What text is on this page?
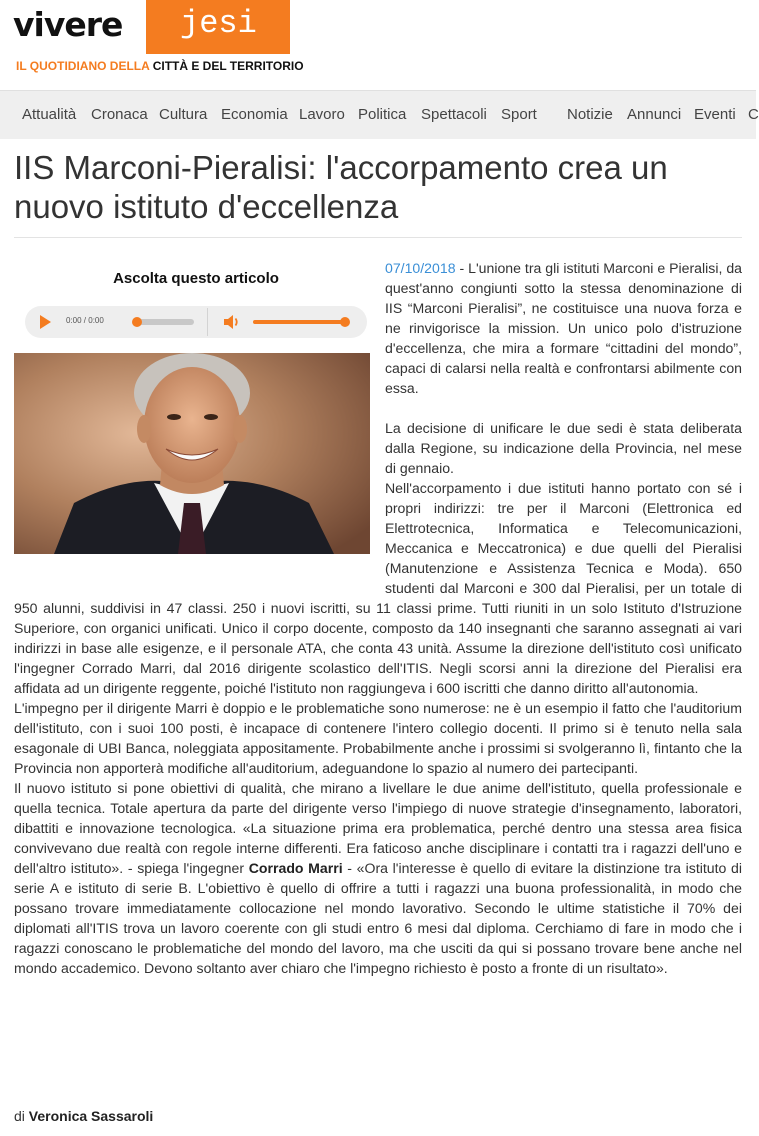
vivere jesi
IL QUOTIDIANO DELLA CITTÀ E DEL TERRITORIO
Attualità Cronaca Cultura Economia Lavoro Politica Spettacoli Sport Notizie Annunci Eventi C
IIS Marconi-Pieralisi: l'accorpamento crea un nuovo istituto d'eccellenza
Ascolta questo articolo
0:00 / 0:00

07/10/2018 - L'unione tra gli istituti Marconi e Pieralisi, da quest'anno congiunti sotto la stessa denominazione di IIS “Marconi Pieralisi”, ne costituisce una nuova forza e ne rinvigorisce la mission. Un unico polo d'istruzione d'eccellenza, che mira a formare “cittadini del mondo”, capaci di calarsi nella realtà e confrontarsi abilmente con essa.

La decisione di unificare le due sedi è stata deliberata dalla Regione, su indicazione della Provincia, nel mese di gennaio.

Nell'accorpamento i due istituti hanno portato con sé i propri indirizzi: tre per il Marconi (Elettronica ed Elettrotecnica, Informatica e Telecomunicazioni, Meccanica e Meccatronica) e due quelli del Pieralisi (Manutenzione e Assistenza Tecnica e Moda). 650 studenti dal Marconi e 300 dal Pieralisi, per un totale di 950 alunni, suddivisi in 47 classi. 250 i nuovi iscritti, su 11 classi prime. Tutti riuniti in un solo Istituto d'Istruzione Superiore, con organici unificati. Unico il corpo docente, composto da 140 insegnanti che saranno assegnati ai vari indirizzi in base alle esigenze, e il personale ATA, che conta 43 unità. Assume la direzione dell'istituto così unificato l'ingegner Corrado Marri, dal 2016 dirigente scolastico dell'ITIS. Negli scorsi anni la direzione del Pieralisi era affidata ad un dirigente reggente, poiché l'istituto non raggiungeva i 600 iscritti che danno diritto all'autonomia.

L'impegno per il dirigente Marri è doppio e le problematiche sono numerose: ne è un esempio il fatto che l'auditorium dell'istituto, con i suoi 100 posti, è incapace di contenere l'intero collegio docenti. Il primo si è tenuto nella sala esagonale di UBI Banca, noleggiata appositamente. Probabilmente anche i prossimi si svolgeranno lì, fintanto che la Provincia non apporterà modifiche all'auditorium, adeguandone lo spazio al numero dei partecipanti.

Il nuovo istituto si pone obiettivi di qualità, che mirano a livellare le due anime dell'istituto, quella professionale e quella tecnica. Totale apertura da parte del dirigente verso l'impiego di nuove strategie d'insegnamento, laboratori, dibattiti e innovazione tecnologica. «La situazione prima era problematica, perché dentro una stessa area fisica convivevano due realtà con regole interne differenti. Era faticoso anche disciplinare i contatti tra i ragazzi dell'uno e dell'altro istituto». - spiega l'ingegner Corrado Marri - «Ora l'interesse è quello di evitare la distinzione tra istituto di serie A e istituto di serie B. L'obiettivo è quello di offrire a tutti i ragazzi una buona professionalità, in modo che possano trovare immediatamente collocazione nel mondo lavorativo. Secondo le ultime statistiche il 70% dei diplomati all'ITIS trova un lavoro coerente con gli studi entro 6 mesi dal diploma. Cerchiamo di fare in modo che i ragazzi conoscano le problematiche del mondo del lavoro, ma che usciti da qui si possano trovare bene anche nel mondo accademico. Devono soltanto aver chiaro che l'impegno richiesto è posto a fronte di un risultato».

di Veronica Sassaroli
